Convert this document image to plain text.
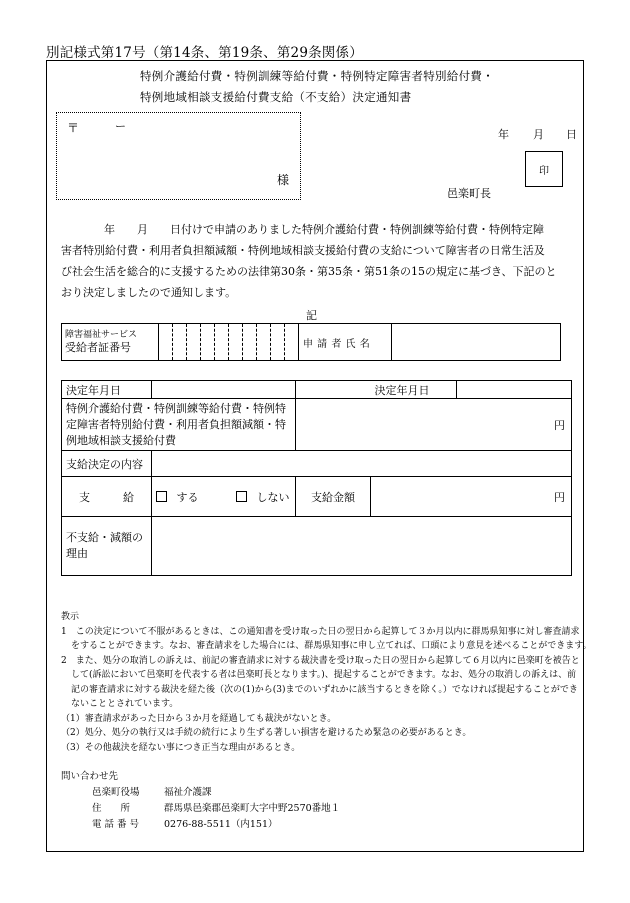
別記様式第17号（第14条、第19条、第29条関係）
特例介護給付費・特例訓練等給付費・特例特定障害者特別給付費・
特例地域相談支援給付費支給（不支給）決定通知書
〒	ー
様
年 月 日
印
邑楽町長
年　　月　　日付けで申請のありました特例介護給付費・特例訓練等給付費・特例特定障
害者特別給付費・利用者負担額減額・特例地域相談支援給付費の支給について障害者の日常生活及
び社会生活を総合的に支援するための法律第30条・第35条・第51条の15の規定に基づき、下記のと
おり決定しましたので通知します。
記
障害福祉サービス
受給者証番号											申 請 者 氏 名	
決定年月日			決定年月日	
特例介護給付費・特例訓練等給付費・特例特定障害者特別給付費・利用者負担額減額・特例地域相談支援給付費		円		
支給決定の内容				
支　　　給	する しない	支給金額	円	
不支給・減額の理由				
教示
1　この決定について不服があるときは、この通知書を受け取った日の翌日から起算して３か月以内に群馬県知事に対し審査請求
をすることができます。なお、審査請求をした場合には、群馬県知事に申し立てれば、口頭により意見を述べることができます。
2　また、処分の取消しの訴えは、前記の審査請求に対する裁決書を受け取った日の翌日から起算して６月以内に邑楽町を被告と
して(訴訟において邑楽町を代表する者は邑楽町長となります。)、提起することができます。なお、処分の取消しの訴えは、前
記の審査請求に対する裁決を経た後（次の(1)から(3)までのいずれかに該当するときを除く。）でなければ提起することができ
ないこととされています。
（1）審査請求があった日から３か月を経過しても裁決がないとき。
（2）処分、処分の執行又は手続の続行により生ずる著しい損害を避けるため緊急の必要があるとき。
（3）その他裁決を経ない事につき正当な理由があるとき。
問い合わせ先
邑楽町役場	福祉介護課
住　　所	群馬県邑楽郡邑楽町大字中野2570番地１
電 話 番 号	0276-88-5511（内151）
